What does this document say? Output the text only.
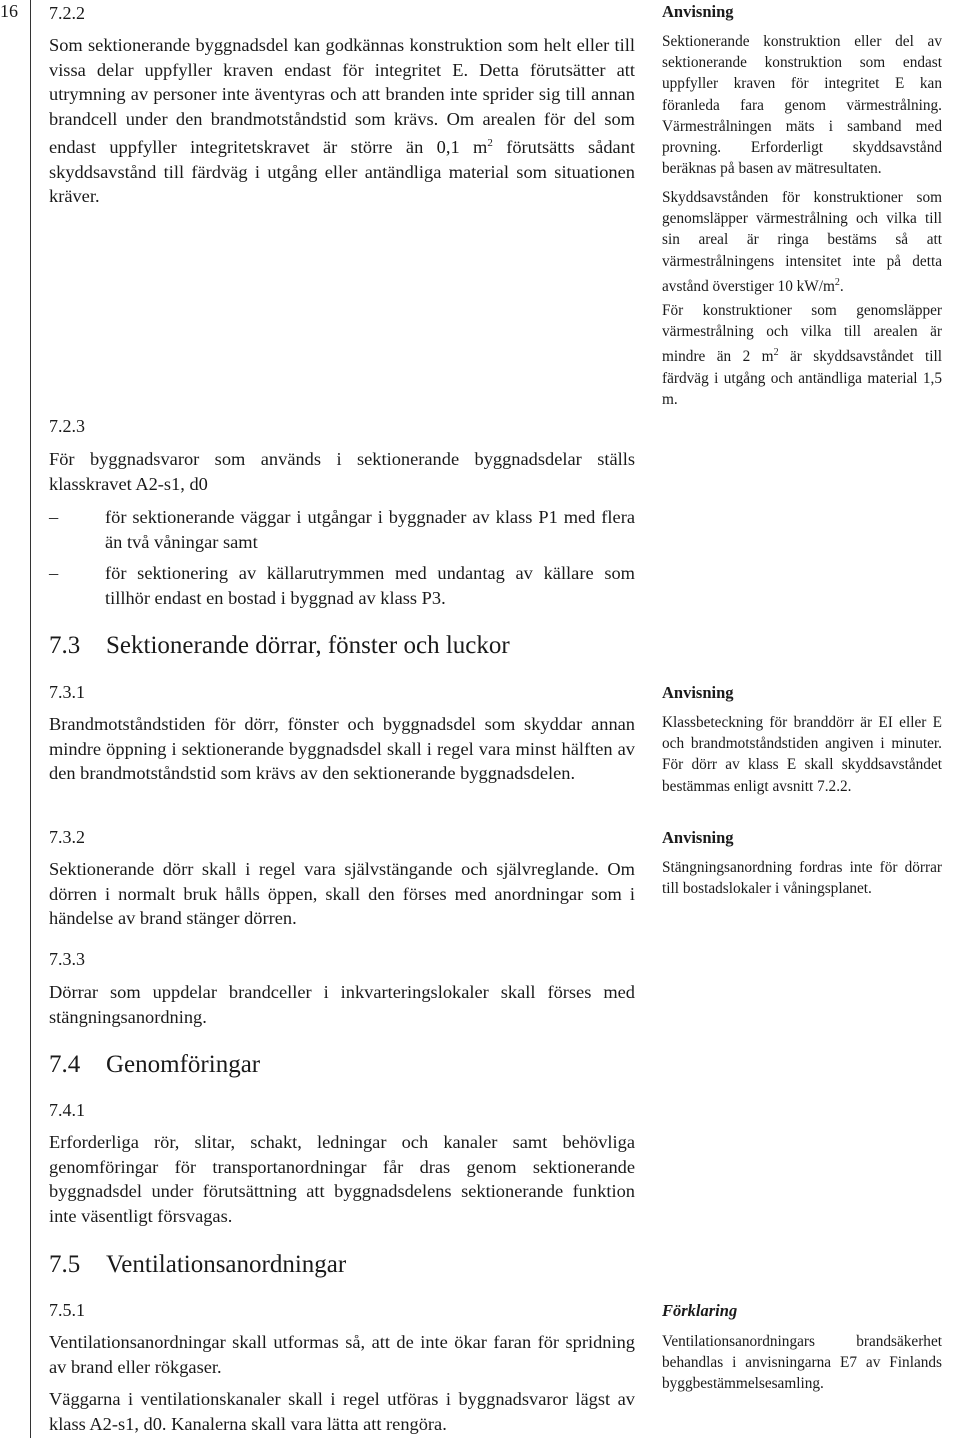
16 7.2.2

Som sektionerande byggnadsdel kan godkännas konstruktion som helt eller till vissa delar uppfyller kraven endast för integritet E. Detta förutsätter att utrymning av personer inte äventyras och att branden inte sprider sig till annan brandcell under den brandmotståndstid som krävs. Om arealen för del som endast uppfyller integritetskravet är större än 0,1 $m^2$ förutsätts sådant skyddsavstånd till färdväg i utgång eller antändliga material som situationen kräver.

7.2.3

För byggnadsvaror som används i sektionerande byggnadsdelar ställs klasskravet A2-s1, d0

–	för sektionerande väggar i utgångar i byggnader av klass P1 med flera än två våningar samt
–	för sektionering av källarutrymmen med undantag av källare som tillhör endast en bostad i byggnad av klass P3.
7.3 Sektionerande dörrar, fönster och luckor
7.3.1

Brandmotståndstiden för dörr, fönster och byggnadsdel som skyddar annan mindre öppning i sektionerande byggnadsdel skall i regel vara minst hälften av den brandmotståndstid som krävs av den sektionerande byggnadsdelen.

7.3.2

Sektionerande dörr skall i regel vara självstängande och självreglande. Om dörren i normalt bruk hålls öppen, skall den förses med anordningar som i händelse av brand stänger dörren.

7.3.3

Dörrar som uppdelar brandceller i inkvarteringslokaler skall förses med stängningsanordning.

7.4 Genomföringar
7.4.1

Erforderliga rör, slitar, schakt, ledningar och kanaler samt behövliga genomföringar för transportanordningar får dras genom sektionerande byggnadsdel under förutsättning att byggnadsdelens sektionerande funktion inte väsentligt försvagas.

7.5 Ventilationsanordningar
7.5.1

Ventilationsanordningar skall utformas så, att de inte ökar faran för spridning av brand eller rökgaser.

Väggarna i ventilationskanaler skall i regel utföras i byggnadsvaror lägst av klass A2-s1, d0. Kanalerna skall vara lätta att rengöra.

Anvisning

Sektionerande konstruktion eller del av sektionerande konstruktion som endast uppfyller kraven för integritet E kan föranleda fara genom värmestrålning. Värmestrålningen mäts i samband med provning. Erforderligt skyddsavstånd beräknas på basen av mätresultaten.

Skyddsavstånden för konstruktioner som genomsläpper värmestrålning och vilka till sin areal är ringa bestäms så att värmestrålningens intensitet inte på detta avstånd överstiger 10 $kW/m^2$.

För konstruktioner som genomsläpper värmestrålning och vilka till arealen är mindre än 2 $m^2$ är skyddsavståndet till färdväg i utgång och antändliga material 1,5 m.

Anvisning

Klassbeteckning för branddörr är EI eller E och brandmotståndstiden angiven i minuter. För dörr av klass E skall skyddsavståndet bestämmas enligt avsnitt 7.2.2.

Anvisning

Stängningsanordning fordras inte för dörrar till bostadslokaler i våningsplanet.

Förklaring

Ventilationsanordningars brandsäkerhet behandlas i anvisningarna E7 av Finlands byggbestämmelsesamling.
